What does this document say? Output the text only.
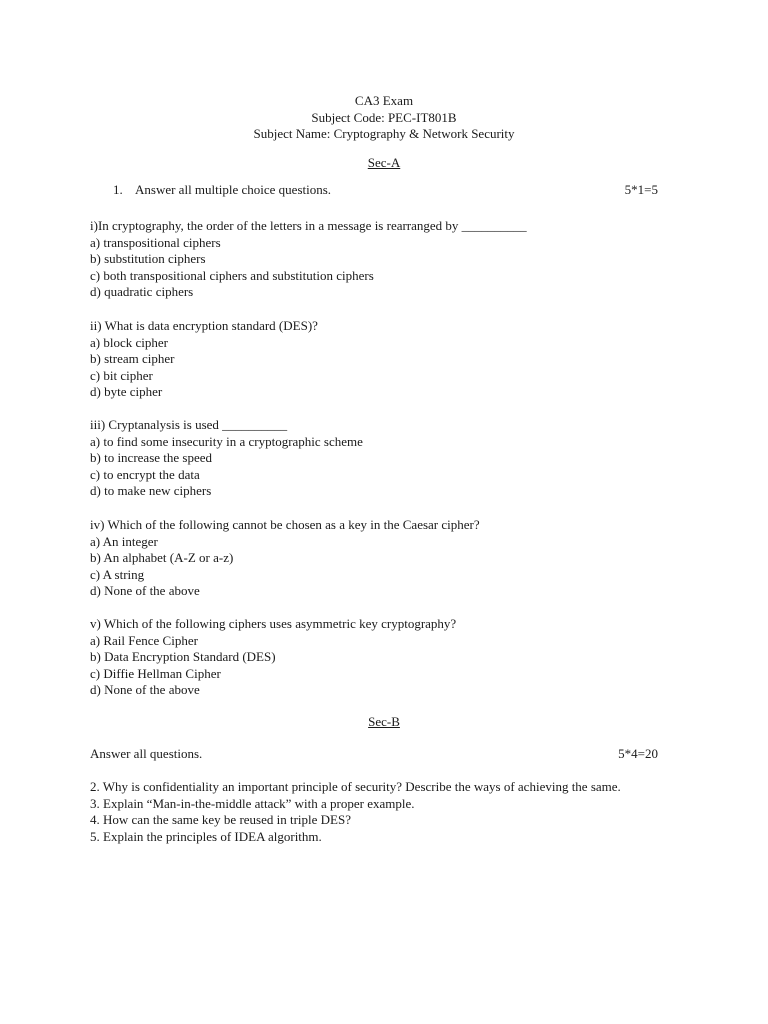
CA3 Exam
Subject Code: PEC-IT801B
Subject Name: Cryptography & Network Security
Sec-A
1. Answer all multiple choice questions.	5*1=5
i)In cryptography, the order of the letters in a message is rearranged by __________
a) transpositional ciphers
b) substitution ciphers
c) both transpositional ciphers and substitution ciphers
d) quadratic ciphers
ii) What is data encryption standard (DES)?
a) block cipher
b) stream cipher
c) bit cipher
d) byte cipher
iii) Cryptanalysis is used __________
a) to find some insecurity in a cryptographic scheme
b) to increase the speed
c) to encrypt the data
d) to make new ciphers
iv) Which of the following cannot be chosen as a key in the Caesar cipher?
a) An integer
b) An alphabet (A-Z or a-z)
c) A string
d) None of the above
v) Which of the following ciphers uses asymmetric key cryptography?
a) Rail Fence Cipher
b) Data Encryption Standard (DES)
c) Diffie Hellman Cipher
d) None of the above
Sec-B
Answer all questions.	5*4=20
2. Why is confidentiality an important principle of security? Describe the ways of achieving the same.
3. Explain “Man-in-the-middle attack” with a proper example.
4. How can the same key be reused in triple DES?
5. Explain the principles of IDEA algorithm.
